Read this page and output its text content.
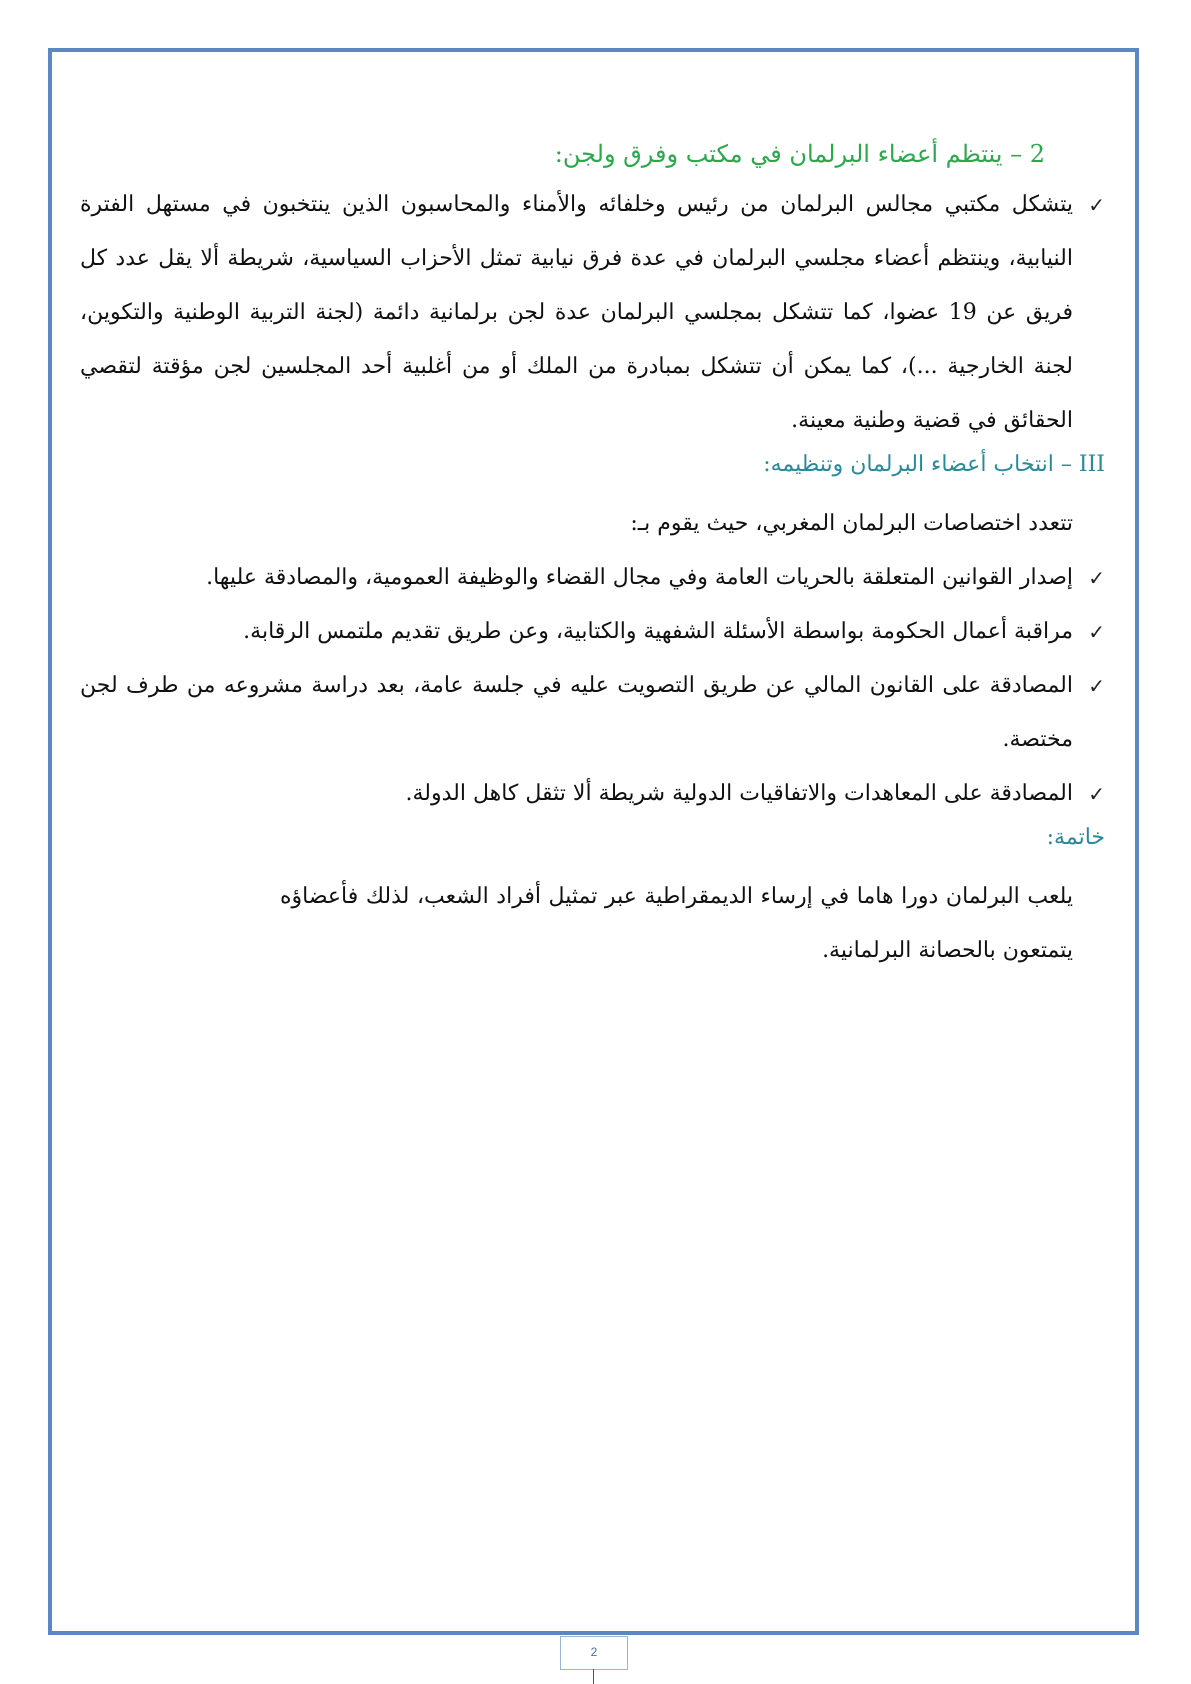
2 – ينتظم أعضاء البرلمان في مكتب وفرق ولجن:

✓
يتشكل مكتبي مجالس البرلمان من رئيس وخلفائه والأمناء والمحاسبون الذين ينتخبون في مستهل الفترة النيابية، وينتظم أعضاء مجلسي البرلمان في عدة فرق نيابية تمثل الأحزاب السياسية، شريطة ألا يقل عدد كل فريق عن 19 عضوا، كما تتشكل بمجلسي البرلمان عدة لجن برلمانية دائمة (لجنة التربية الوطنية والتكوين، لجنة الخارجية ...)، كما يمكن أن تتشكل بمبادرة من الملك أو من أغلبية أحد المجلسين لجن مؤقتة لتقصي الحقائق في قضية وطنية معينة.

III – انتخاب أعضاء البرلمان وتنظيمه:

تتعدد اختصاصات البرلمان المغربي، حيث يقوم بـ:

✓
إصدار القوانين المتعلقة بالحريات العامة وفي مجال القضاء والوظيفة العمومية، والمصادقة عليها.

✓
مراقبة أعمال الحكومة بواسطة الأسئلة الشفهية والكتابية، وعن طريق تقديم ملتمس الرقابة.

✓
المصادقة على القانون المالي عن طريق التصويت عليه في جلسة عامة، بعد دراسة مشروعه من طرف لجن مختصة.

✓
المصادقة على المعاهدات والاتفاقيات الدولية شريطة ألا تثقل كاهل الدولة.

خاتمة:

يلعب البرلمان دورا هاما في إرساء الديمقراطية عبر تمثيل أفراد الشعب، لذلك فأعضاؤه يتمتعون بالحصانة البرلمانية.

2
